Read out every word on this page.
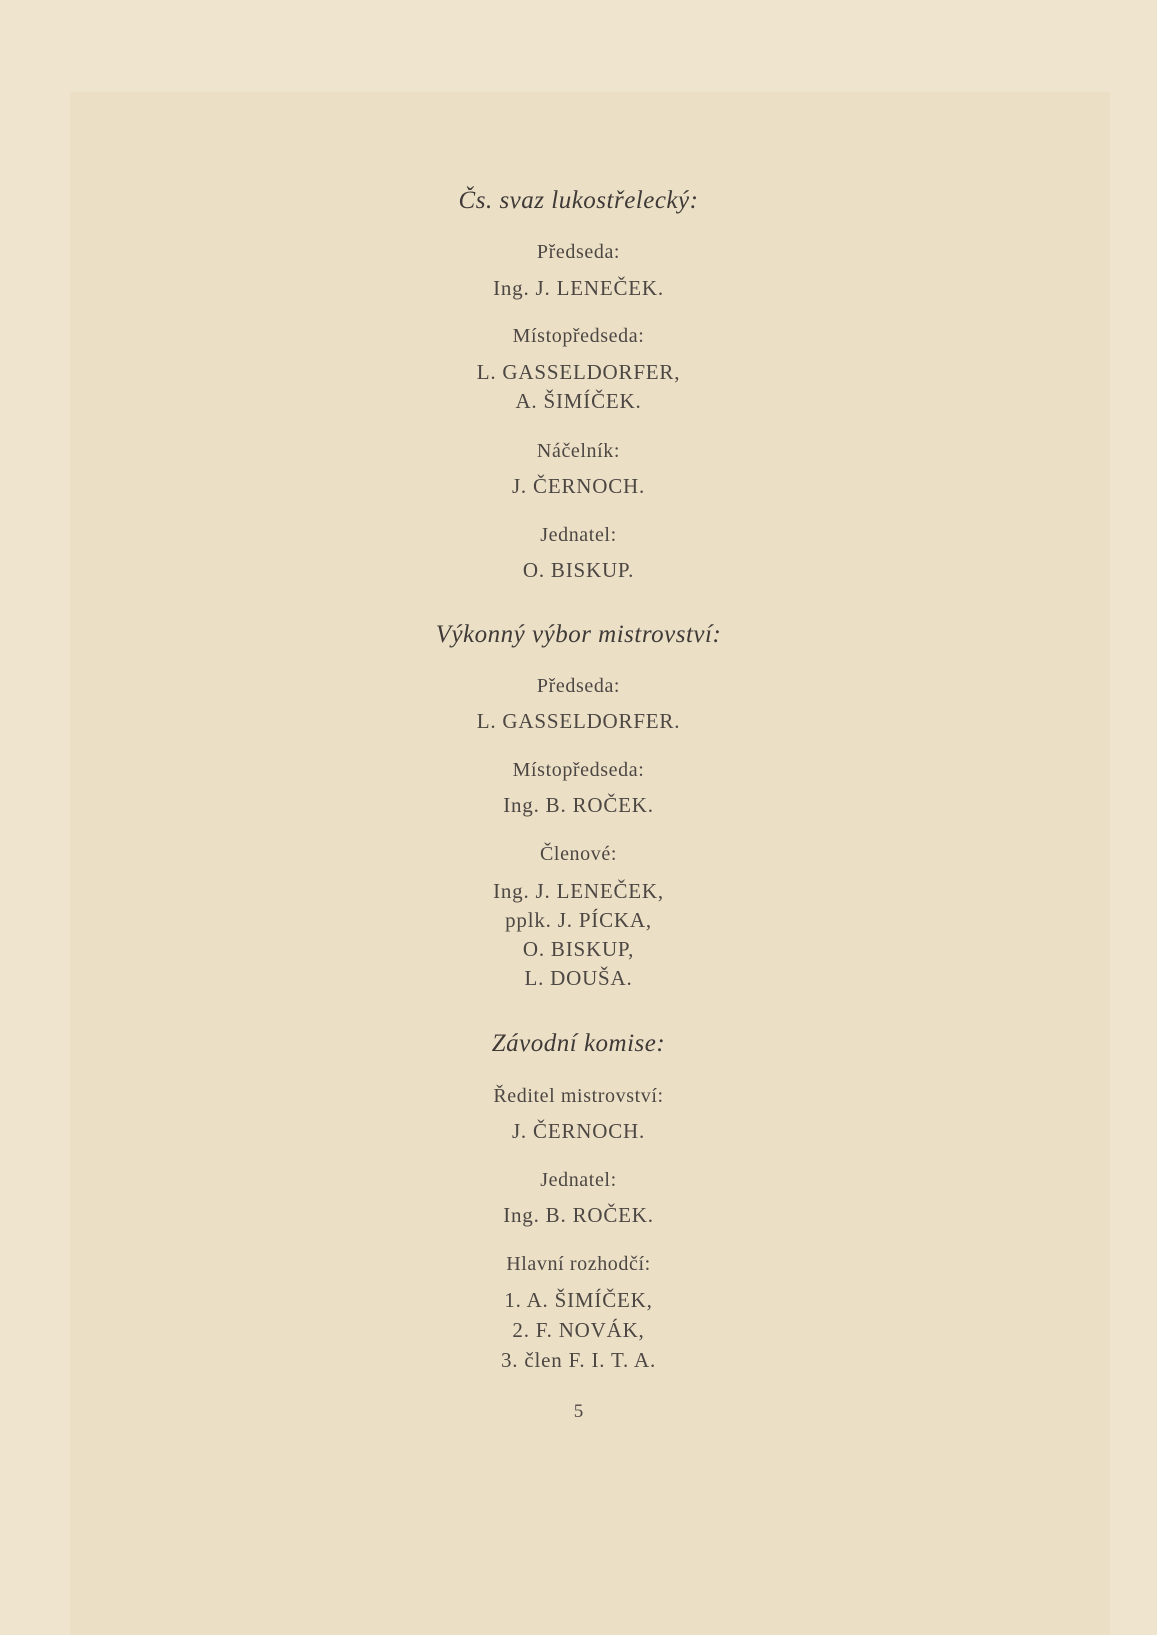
Čs. svaz lukostřelecký:
Předseda:
Ing. J. LENEČEK.
Místopředseda:
L. GASSELDORFER,
A. ŠIMÍČEK.
Náčelník:
J. ČERNOCH.
Jednatel:
O. BISKUP.
Výkonný výbor mistrovství:
Předseda:
L. GASSELDORFER.
Místopředseda:
Ing. B. ROČEK.
Členové:
Ing. J. LENEČEK,
pplk. J. PÍCKA,
O. BISKUP,
L. DOUŠA.
Závodní komise:
Ředitel mistrovství:
J. ČERNOCH.
Jednatel:
Ing. B. ROČEK.
Hlavní rozhodčí:
1. A. ŠIMÍČEK,
2. F. NOVÁK,
3. člen F. I. T. A.
5
